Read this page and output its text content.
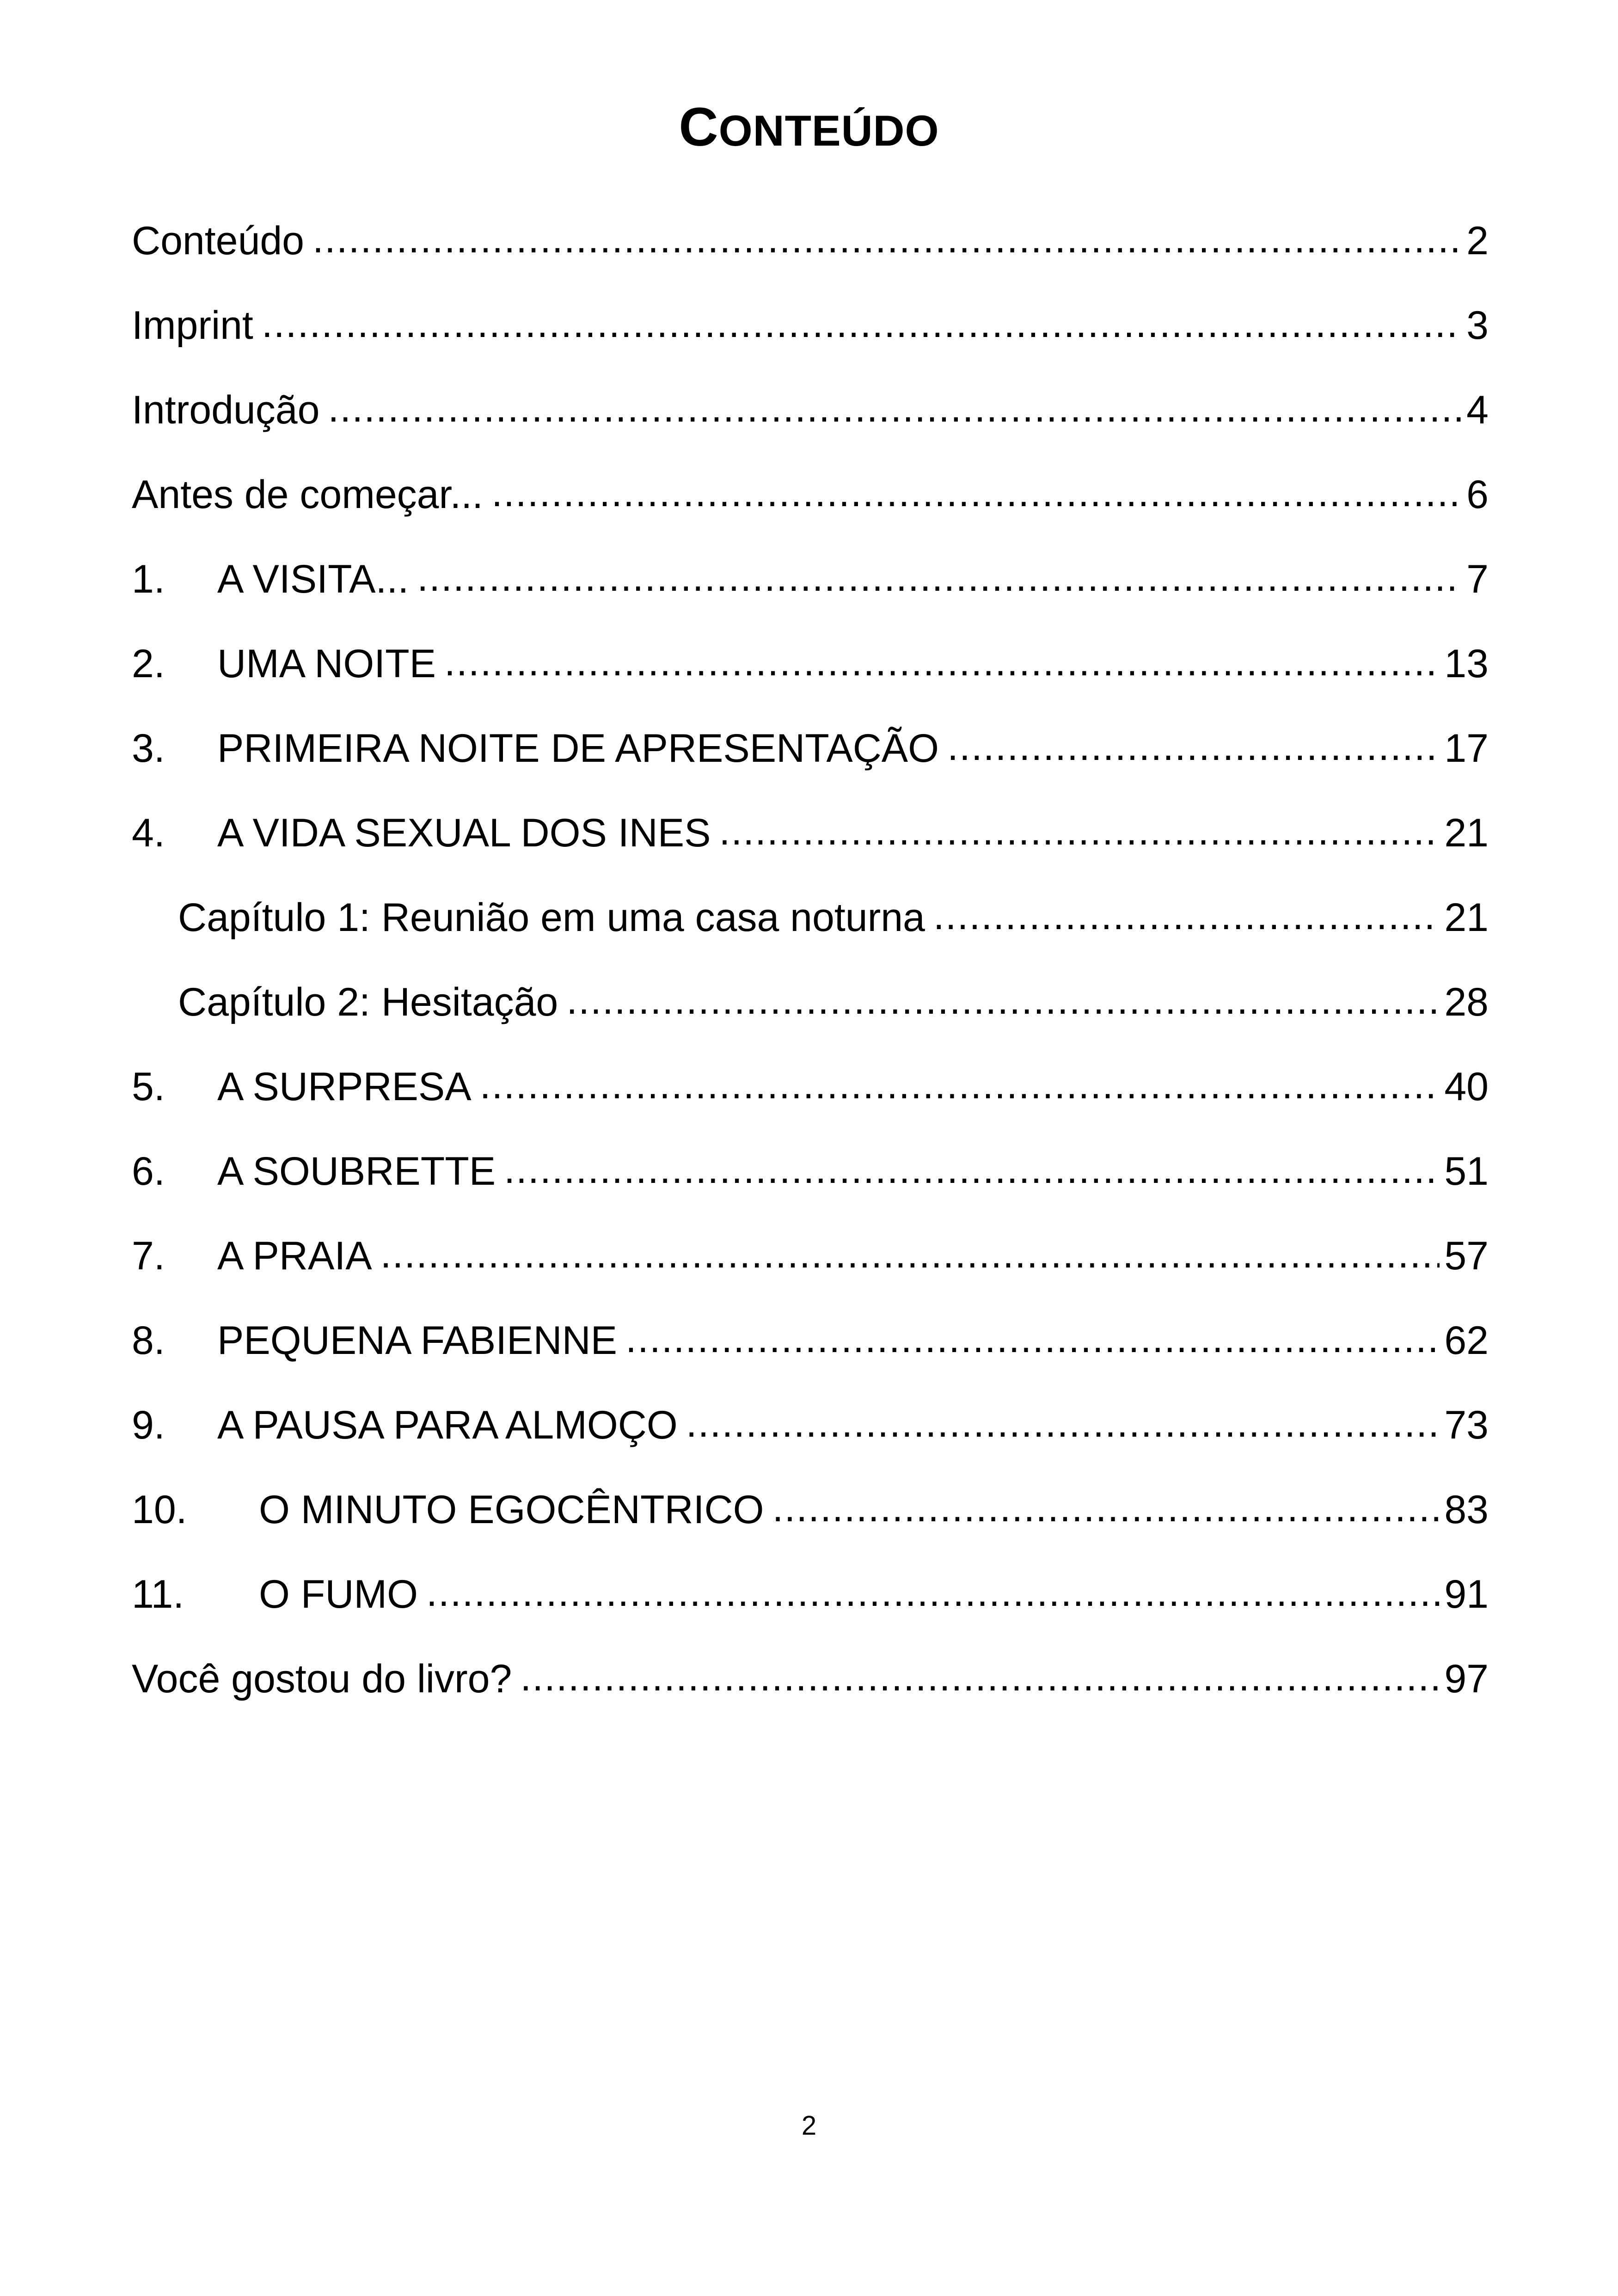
CONTEÚDO
Conteúdo .....	2
Imprint .....	3
Introdução .....	4
Antes de começar... .....	6
1.	A VISITA... .....	7
2.	UMA NOITE .....	13
3.	PRIMEIRA NOITE DE APRESENTAÇÃO .....	17
4.	A VIDA SEXUAL DOS INES .....	21
Capítulo 1: Reunião em uma casa noturna .....	21
Capítulo 2: Hesitação .....	28
5.	A SURPRESA .....	40
6.	A SOUBRETTE .....	51
7.	A PRAIA .....	57
8.	PEQUENA FABIENNE .....	62
9.	A PAUSA PARA ALMOÇO .....	73
10.	O MINUTO EGOCÊNTRICO .....	83
11.	O FUMO .....	91
Você gostou do livro? .....	97
2
